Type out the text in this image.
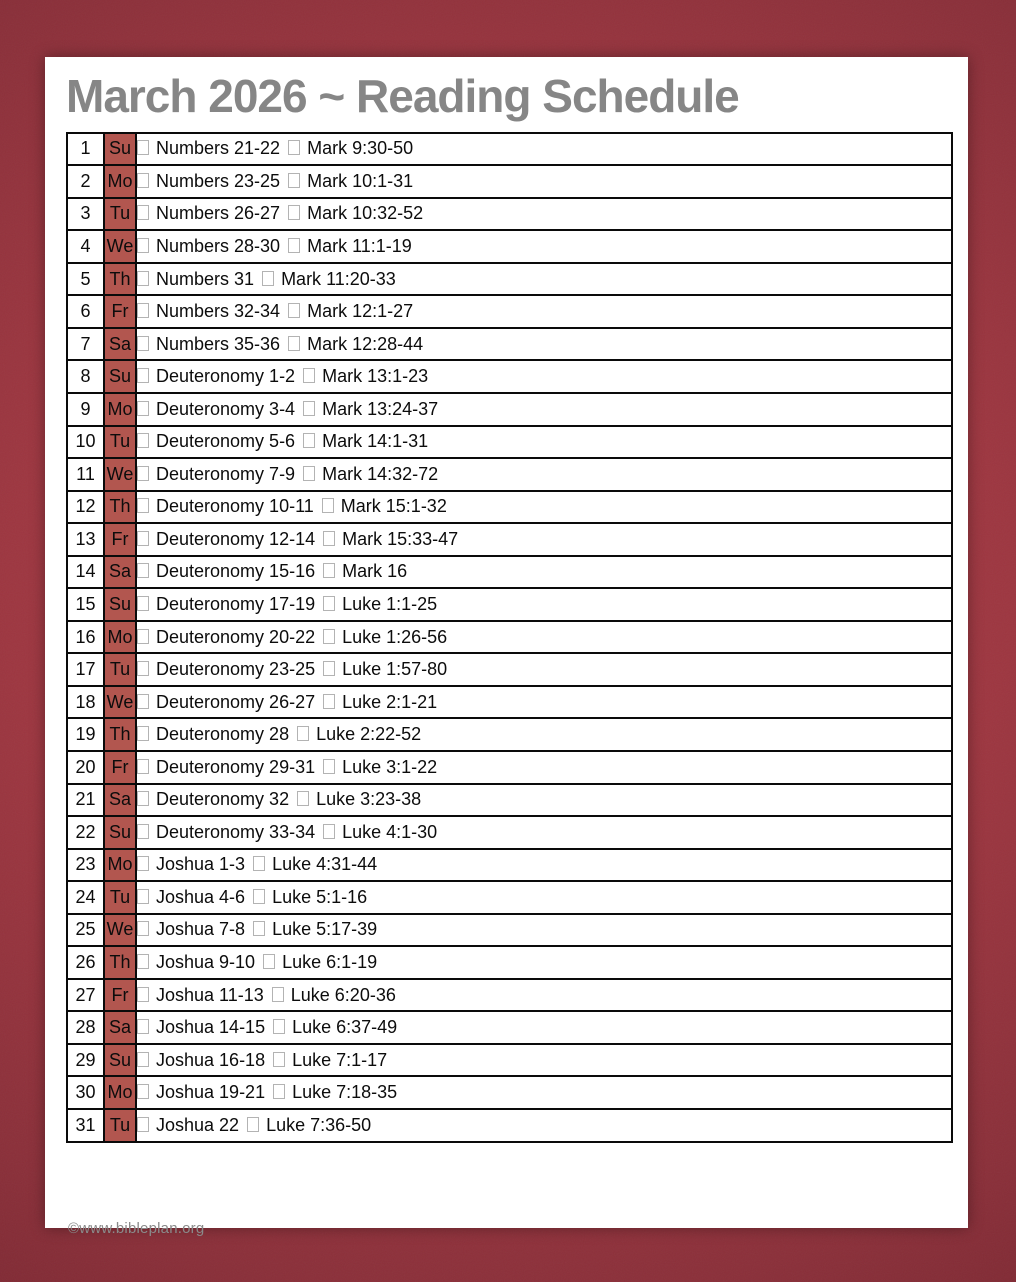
March 2026 ~ Reading Schedule
1	Su	Numbers 21-22 Mark 9:30-50
2	Mo	Numbers 23-25 Mark 10:1-31
3	Tu	Numbers 26-27 Mark 10:32-52
4	We	Numbers 28-30 Mark 11:1-19
5	Th	Numbers 31 Mark 11:20-33
6	Fr	Numbers 32-34 Mark 12:1-27
7	Sa	Numbers 35-36 Mark 12:28-44
8	Su	Deuteronomy 1-2 Mark 13:1-23
9	Mo	Deuteronomy 3-4 Mark 13:24-37
10	Tu	Deuteronomy 5-6 Mark 14:1-31
11	We	Deuteronomy 7-9 Mark 14:32-72
12	Th	Deuteronomy 10-11 Mark 15:1-32
13	Fr	Deuteronomy 12-14 Mark 15:33-47
14	Sa	Deuteronomy 15-16 Mark 16
15	Su	Deuteronomy 17-19 Luke 1:1-25
16	Mo	Deuteronomy 20-22 Luke 1:26-56
17	Tu	Deuteronomy 23-25 Luke 1:57-80
18	We	Deuteronomy 26-27 Luke 2:1-21
19	Th	Deuteronomy 28 Luke 2:22-52
20	Fr	Deuteronomy 29-31 Luke 3:1-22
21	Sa	Deuteronomy 32 Luke 3:23-38
22	Su	Deuteronomy 33-34 Luke 4:1-30
23	Mo	Joshua 1-3 Luke 4:31-44
24	Tu	Joshua 4-6 Luke 5:1-16
25	We	Joshua 7-8 Luke 5:17-39
26	Th	Joshua 9-10 Luke 6:1-19
27	Fr	Joshua 11-13 Luke 6:20-36
28	Sa	Joshua 14-15 Luke 6:37-49
29	Su	Joshua 16-18 Luke 7:1-17
30	Mo	Joshua 19-21 Luke 7:18-35
31	Tu	Joshua 22 Luke 7:36-50
©www.bibleplan.org
